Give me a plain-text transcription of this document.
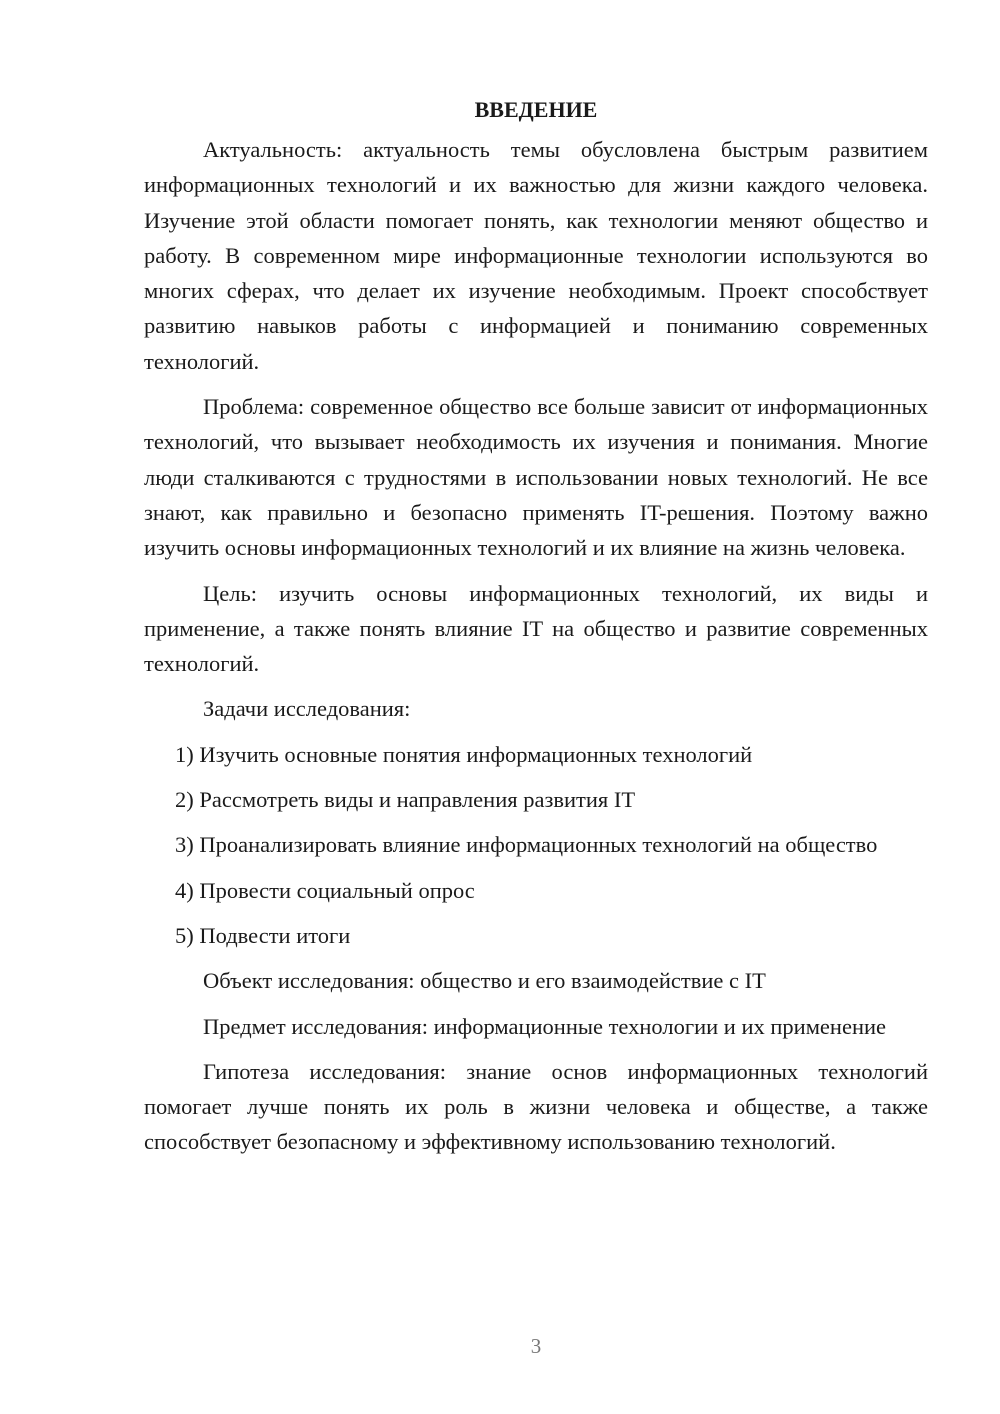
ВВЕДЕНИЕ

Актуальность: актуальность темы обусловлена быстрым развитием информационных технологий и их важностью для жизни каждого человека. Изучение этой области помогает понять, как технологии меняют общество и работу. В современном мире информационные технологии используются во многих сферах, что делает их изучение необходимым. Проект способствует развитию навыков работы с информацией и пониманию современных технологий.

Проблема: современное общество все больше зависит от информационных технологий, что вызывает необходимость их изучения и понимания. Многие люди сталкиваются с трудностями в использовании новых технологий. Не все знают, как правильно и безопасно применять IT-решения. Поэтому важно изучить основы информационных технологий и их влияние на жизнь человека.

Цель: изучить основы информационных технологий, их виды и применение, а также понять влияние IT на общество и развитие современных технологий.

Задачи исследования:

1) Изучить основные понятия информационных технологий

2) Рассмотреть виды и направления развития IT

3) Проанализировать влияние информационных технологий на общество

4) Провести социальный опрос

5) Подвести итоги

Объект исследования: общество и его взаимодействие с IT

Предмет исследования: информационные технологии и их применение

Гипотеза исследования: знание основ информационных технологий помогает лучше понять их роль в жизни человека и обществе, а также способствует безопасному и эффективному использованию технологий.

3
